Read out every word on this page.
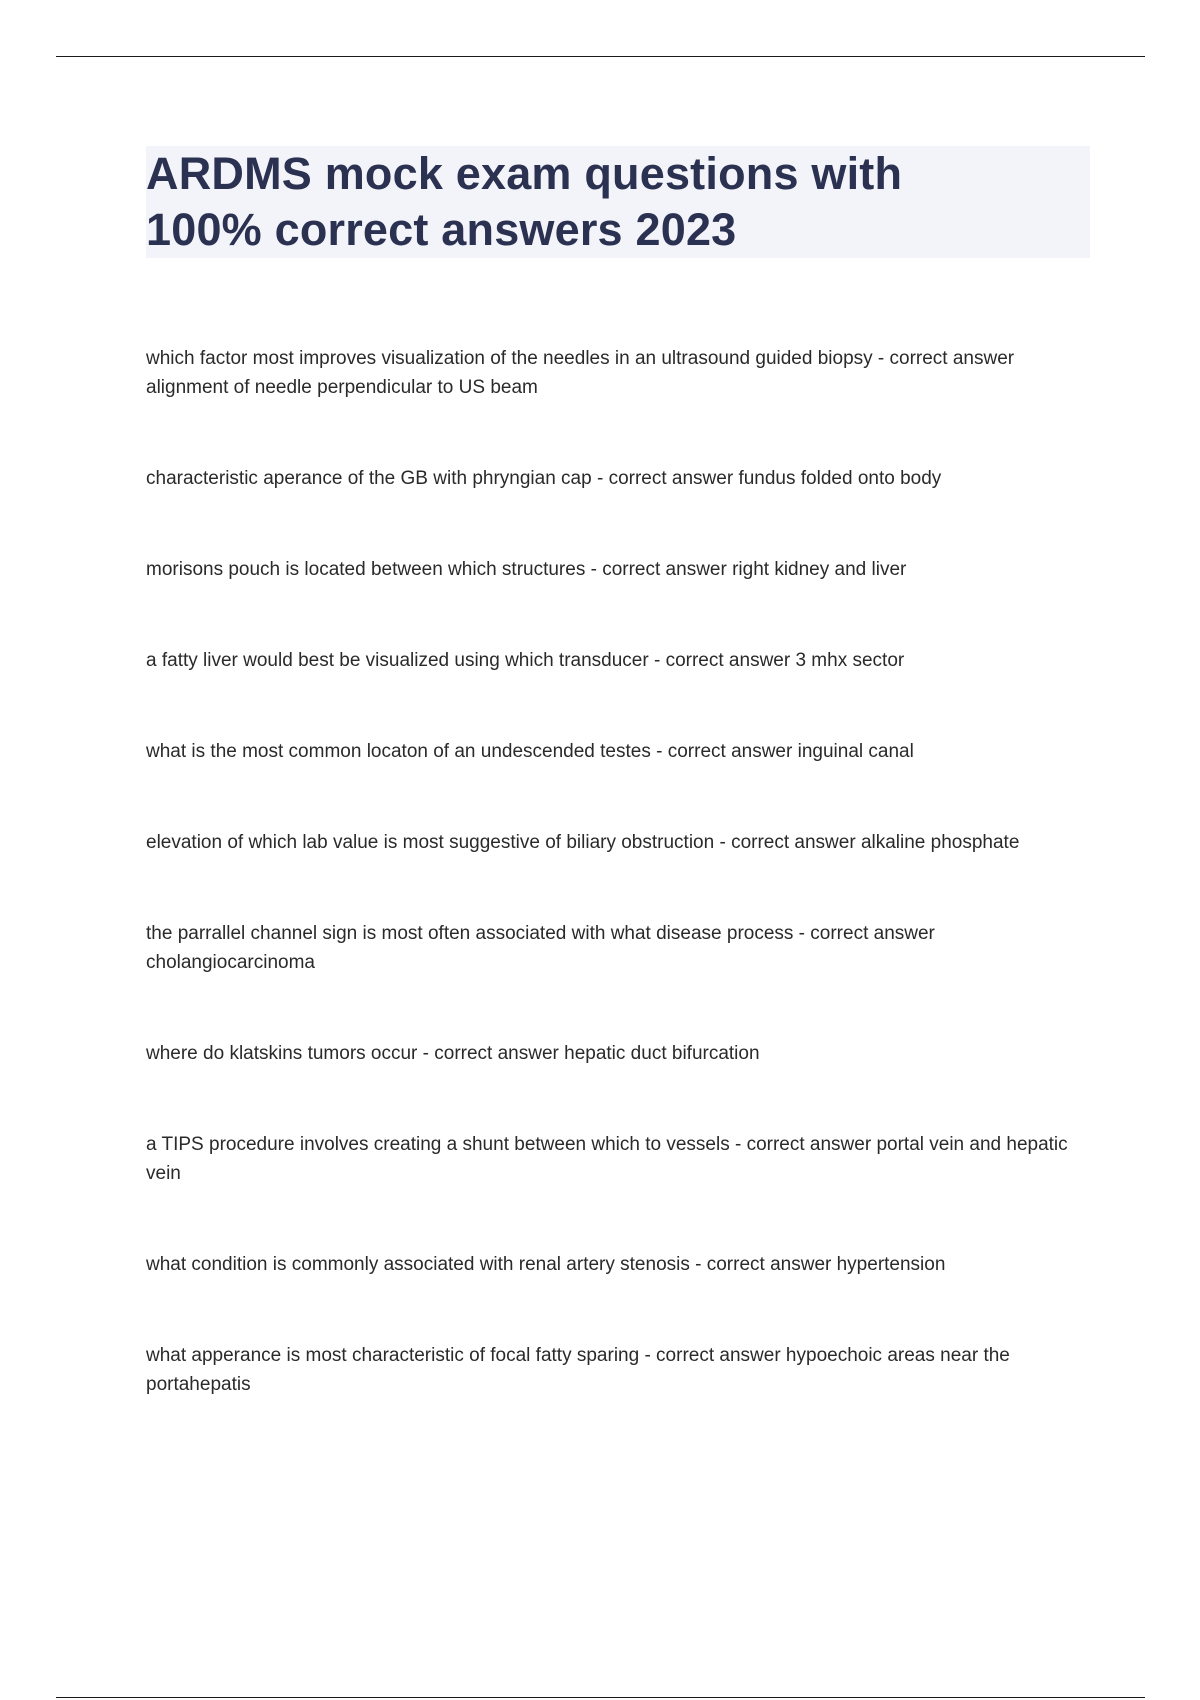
ARDMS mock exam questions with
100% correct answers 2023
which factor most improves visualization of the needles in an ultrasound guided biopsy - correct answer alignment of needle perpendicular to US beam
characteristic aperance of the GB with phryngian cap - correct answer fundus folded onto body
morisons pouch is located between which structures - correct answer right kidney and liver
a fatty liver would best be visualized using which transducer - correct answer 3 mhx sector
what is the most common locaton of an undescended testes - correct answer inguinal canal
elevation of which lab value is most suggestive of biliary obstruction - correct answer alkaline phosphate
the parrallel channel sign is most often associated with what disease process - correct answer cholangiocarcinoma
where do klatskins tumors occur - correct answer hepatic duct bifurcation
a TIPS procedure involves creating a shunt between which to vessels - correct answer portal vein and hepatic vein
what condition is commonly associated with renal artery stenosis - correct answer hypertension
what apperance is most characteristic of focal fatty sparing - correct answer hypoechoic areas near the portahepatis
